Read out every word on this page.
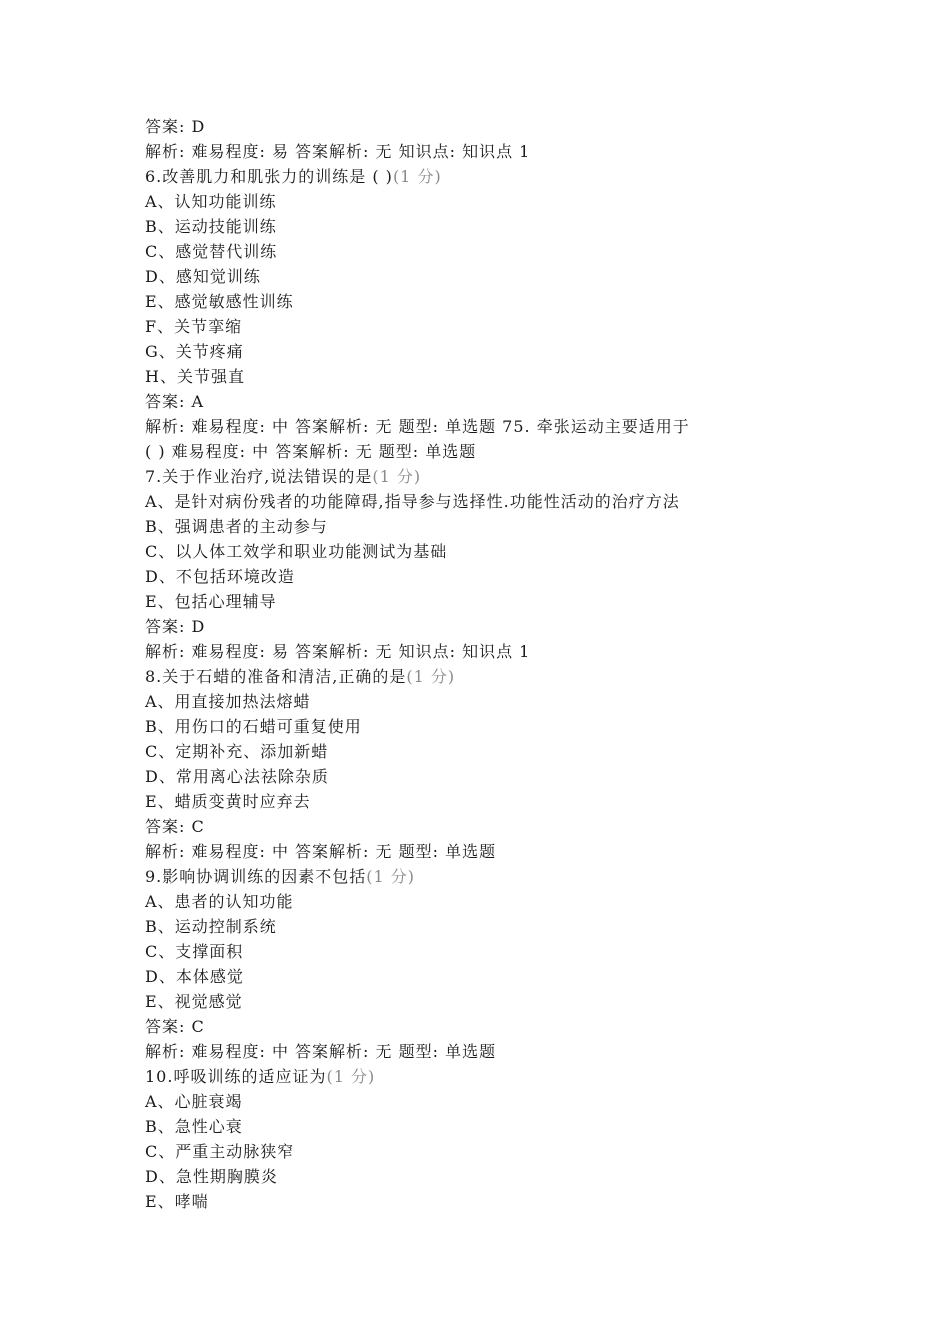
答案: D
解析: 难易程度: 易 答案解析: 无 知识点: 知识点 1
6.改善肌力和肌张力的训练是 ( )(1 分)
A、认知功能训练
B、运动技能训练
C、感觉替代训练
D、感知觉训练
E、感觉敏感性训练
F、关节挛缩
G、关节疼痛
H、关节强直
答案: A
解析: 难易程度: 中 答案解析: 无 题型: 单选题 75. 牵张运动主要适用于
( ) 难易程度: 中 答案解析: 无 题型: 单选题
7.关于作业治疗,说法错误的是(1 分)
A、是针对病份残者的功能障碍,指导参与选择性.功能性活动的治疗方法
B、强调患者的主动参与
C、以人体工效学和职业功能测试为基础
D、不包括环境改造
E、包括心理辅导
答案: D
解析: 难易程度: 易 答案解析: 无 知识点: 知识点 1
8.关于石蜡的准备和清洁,正确的是(1 分)
A、用直接加热法熔蜡
B、用伤口的石蜡可重复使用
C、定期补充、添加新蜡
D、常用离心法祛除杂质
E、蜡质变黄时应弃去
答案: C
解析: 难易程度: 中 答案解析: 无 题型: 单选题
9.影响协调训练的因素不包括(1 分)
A、患者的认知功能
B、运动控制系统
C、支撑面积
D、本体感觉
E、视觉感觉
答案: C
解析: 难易程度: 中 答案解析: 无 题型: 单选题
10.呼吸训练的适应证为(1 分)
A、心脏衰竭
B、急性心衰
C、严重主动脉狭窄
D、急性期胸膜炎
E、哮喘
